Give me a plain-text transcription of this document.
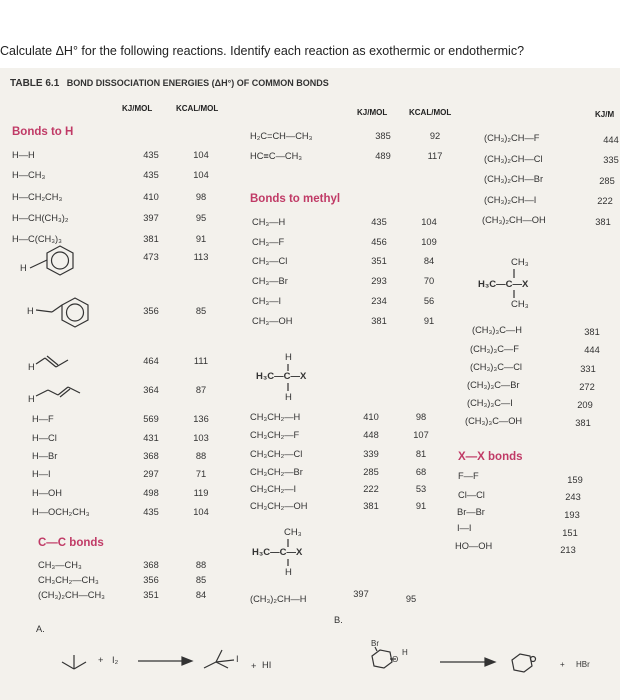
Calculate ΔH° for the following reactions. Identify each reaction as exothermic or endothermic?
TABLE 6.1 BOND DISSOCIATION ENERGIES (ΔH°) OF COMMON BONDS
KJ/MOL	KCAL/MOL	KJ/MOL	KCAL/MOL	KJ/M
Bonds to H
H—H	435	104
H—CH₃	435	104
H—CH₂CH₃	410	98
H—CH(CH₃)₂	397	95
H—C(CH₃)₃	381	91
H
473	113
H	356	85
H
464	111
H
364	87
H—F	569	136
H—Cl	431	103
H—Br	368	88
H—I	297	71
H—OH	498	119
H—OCH₂CH₃	435	104
C—C bonds
CH₃—CH₃	368	88
CH₃CH₂—CH₃	356	85
(CH₃)₂CH—CH₃	351	84
H₂C=CH—CH₃	385	92
HC≡C—CH₃	489	117
Bonds to methyl
CH₃—H	435	104
CH₃—F	456	109
CH₃—Cl	351	84
CH₃—Br	293	70
CH₃—I	234	56
CH₃—OH	381	91
H
H₃C—C—X
H
CH₃CH₂—H	410	98
CH₃CH₂—F	448	107
CH₃CH₂—Cl	339	81
CH₃CH₂—Br	285	68
CH₃CH₂—I	222	53
CH₃CH₂—OH	381	91
CH₃
H₃C—C—X
H
(CH₃)₂CH—H	397	95
(CH₃)₂CH—F	444
(CH₃)₂CH—Cl	335
(CH₃)₂CH—Br	285
(CH₃)₂CH—I	222
(CH₃)₂CH—OH	381
CH₃
H₃C—C—X
CH₃
(CH₃)₃C—H	381
(CH₃)₃C—F	444
(CH₃)₃C—Cl	331
(CH₃)₃C—Br	272
(CH₃)₃C—I	209
(CH₃)₃C—OH	381
X—X bonds
F—F	159
Cl—Cl	243
Br—Br	193
I—I	151
HO—OH	213
A.
+ I₂	I
+ HI
B.
Br
O
H
+ HBr
